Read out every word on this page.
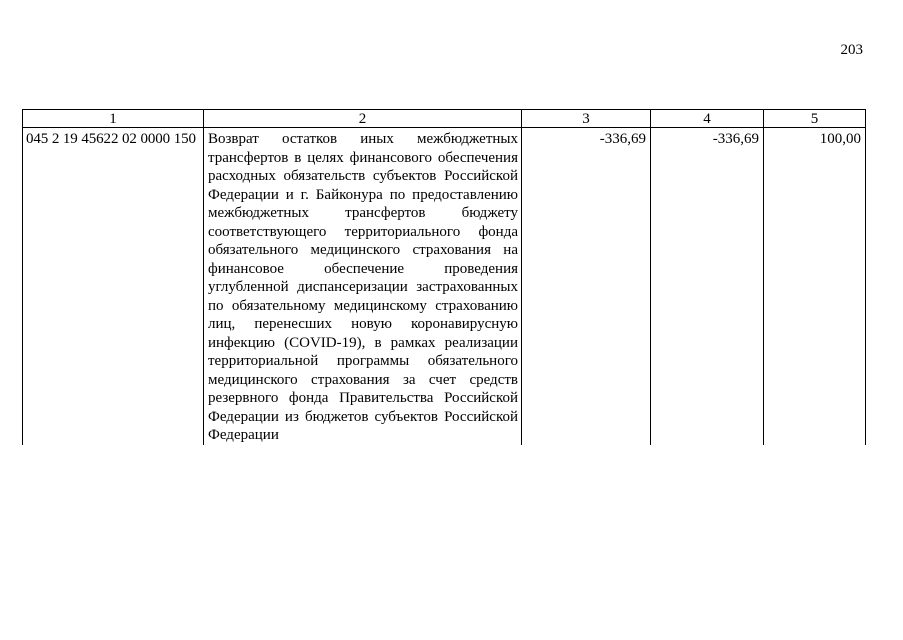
203
1	2	3	4	5
045 2 19 45622 02 0000 150	Возврат остатков иных межбюджетных трансфертов в целях финансового обеспечения расходных обязательств субъектов Российской Федерации и г. Байконура по предоставлению межбюджетных трансфертов бюджету соответствующего территориального фонда обязательного медицинского страхования на финансовое обеспечение проведения углубленной диспансеризации застрахованных по обязательному медицинскому страхованию лиц, перенесших новую коронавирусную инфекцию (COVID-19), в рамках реализации территориальной программы обязательного медицинского страхования за счет средств резервного фонда Правительства Российской Федерации из бюджетов субъектов Российской Федерации	-336,69	-336,69	100,00
